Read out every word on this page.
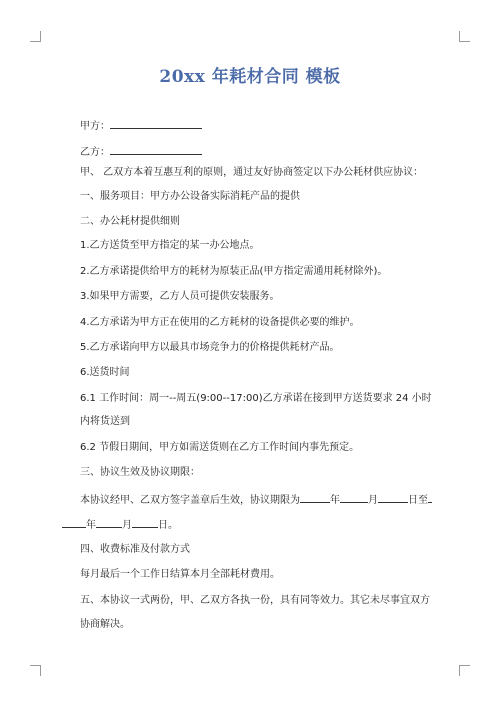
20xx 年耗材合同 模板
甲方：
乙方：
甲、 乙双方本着互惠互利的原则，通过友好协商签定以下办公耗材供应协议：
一、服务项目：甲方办公设备实际消耗产品的提供
二、办公耗材提供细则
1.乙方送货至甲方指定的某一办公地点。
2.乙方承诺提供给甲方的耗材为原装正品(甲方指定需通用耗材除外)。
3.如果甲方需要，乙方人员可提供安装服务。
4.乙方承诺为甲方正在使用的乙方耗材的设备提供必要的维护。
5.乙方承诺向甲方以最具市场竞争力的价格提供耗材产品。
6.送货时间
6.1 工作时间：周一--周五(9:00--17:00)乙方承诺在接到甲方送货要求 24 小时
内将货送到
6.2 节假日期间，甲方如需送货则在乙方工作时间内事先预定。
三、协议生效及协议期限：
本协议经甲、乙双方签字盖章后生效，协议期限为	年	月	日至
年	月	日。
四、收费标准及付款方式
每月最后一个工作日结算本月全部耗材费用。
五、本协议一式两份，甲、乙双方各执一份，具有同等效力。其它未尽事宜双方
协商解决。
